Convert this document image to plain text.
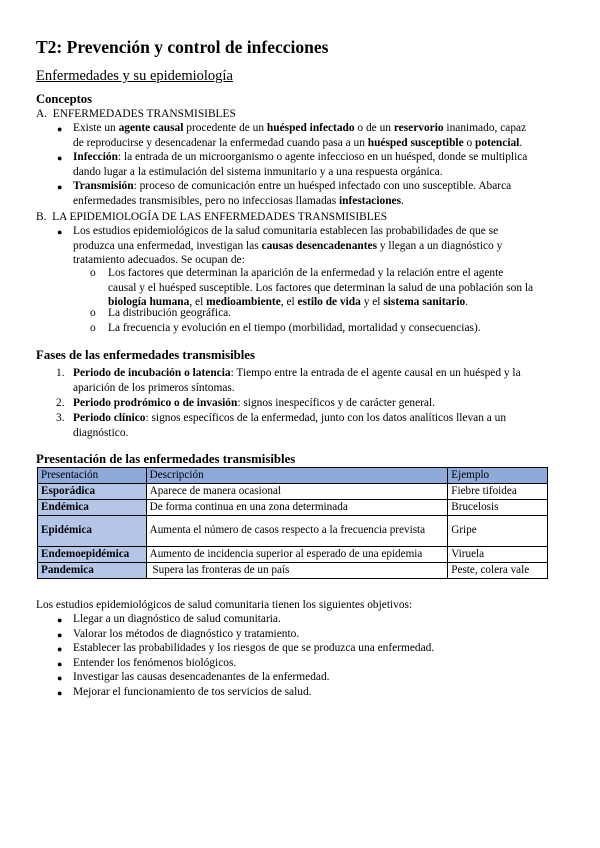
T2: Prevención y control de infecciones
Enfermedades y su epidemiología
Conceptos
A. ENFERMEDADES TRANSMISIBLES
● Existe un agente causal procedente de un huésped infectado o de un reservorio inanimado, capaz
de reproducirse y desencadenar la enfermedad cuando pasa a un huésped susceptible o potencial.
● Infección: la entrada de un microorganismo o agente infeccioso en un huésped, donde se multiplica
dando lugar a la estimulación del sistema inmunitario y a una respuesta orgánica.
● Transmisión: proceso de comunicación entre un huésped infectado con uno susceptible. Abarca
enfermedades transmisibles, pero no infecciosas llamadas infestaciones.
B. LA EPIDEMIOLOGÍA DE LAS ENFERMEDADES TRANSMISIBLES
● Los estudios epidemiológicos de la salud comunitaria establecen las probabilidades de que se
produzca una enfermedad, investigan las causas desencadenantes y llegan a un diagnóstico y
tratamiento adecuados. Se ocupan de:
o Los factores que determinan la aparición de la enfermedad y la relación entre el agente
causal y el huésped susceptible. Los factores que determinan la salud de una población son la
biología humana, el medioambiente, el estilo de vida y el sistema sanitario.
o La distribución geográfica.
o La frecuencia y evolución en el tiempo (morbilidad, mortalidad y consecuencias).
Fases de las enfermedades transmisibles
1. Periodo de incubación o latencia: Tiempo entre la entrada de el agente causal en un huésped y la
aparición de los primeros síntomas.
2. Periodo prodrómico o de invasión: signos inespecíficos y de carácter general.
3. Periodo clínico: signos específicos de la enfermedad, junto con los datos analíticos llevan a un
diagnóstico.
Presentación de las enfermedades transmisibles
Presentación	Descripción	Ejemplo
Esporádica	Aparece de manera ocasional	Fiebre tifoidea
Endémica	De forma continua en una zona determinada	Brucelosis
Epidémica	Aumenta el número de casos respecto a la frecuencia prevista	Gripe
Endemoepidémica	Aumento de incidencia superior al esperado de una epidemia	Viruela
Pandemica	Supera las fronteras de un país	Peste, colera vale
Los estudios epidemiológicos de salud comunitaria tienen los siguientes objetivos:
● Llegar a un diagnóstico de salud comunitaria.
● Valorar los métodos de diagnóstico y tratamiento.
● Establecer las probabilidades y los riesgos de que se produzca una enfermedad.
● Entender los fenómenos biológicos.
● Investigar las causas desencadenantes de la enfermedad.
● Mejorar el funcionamiento de tos servicios de salud.
